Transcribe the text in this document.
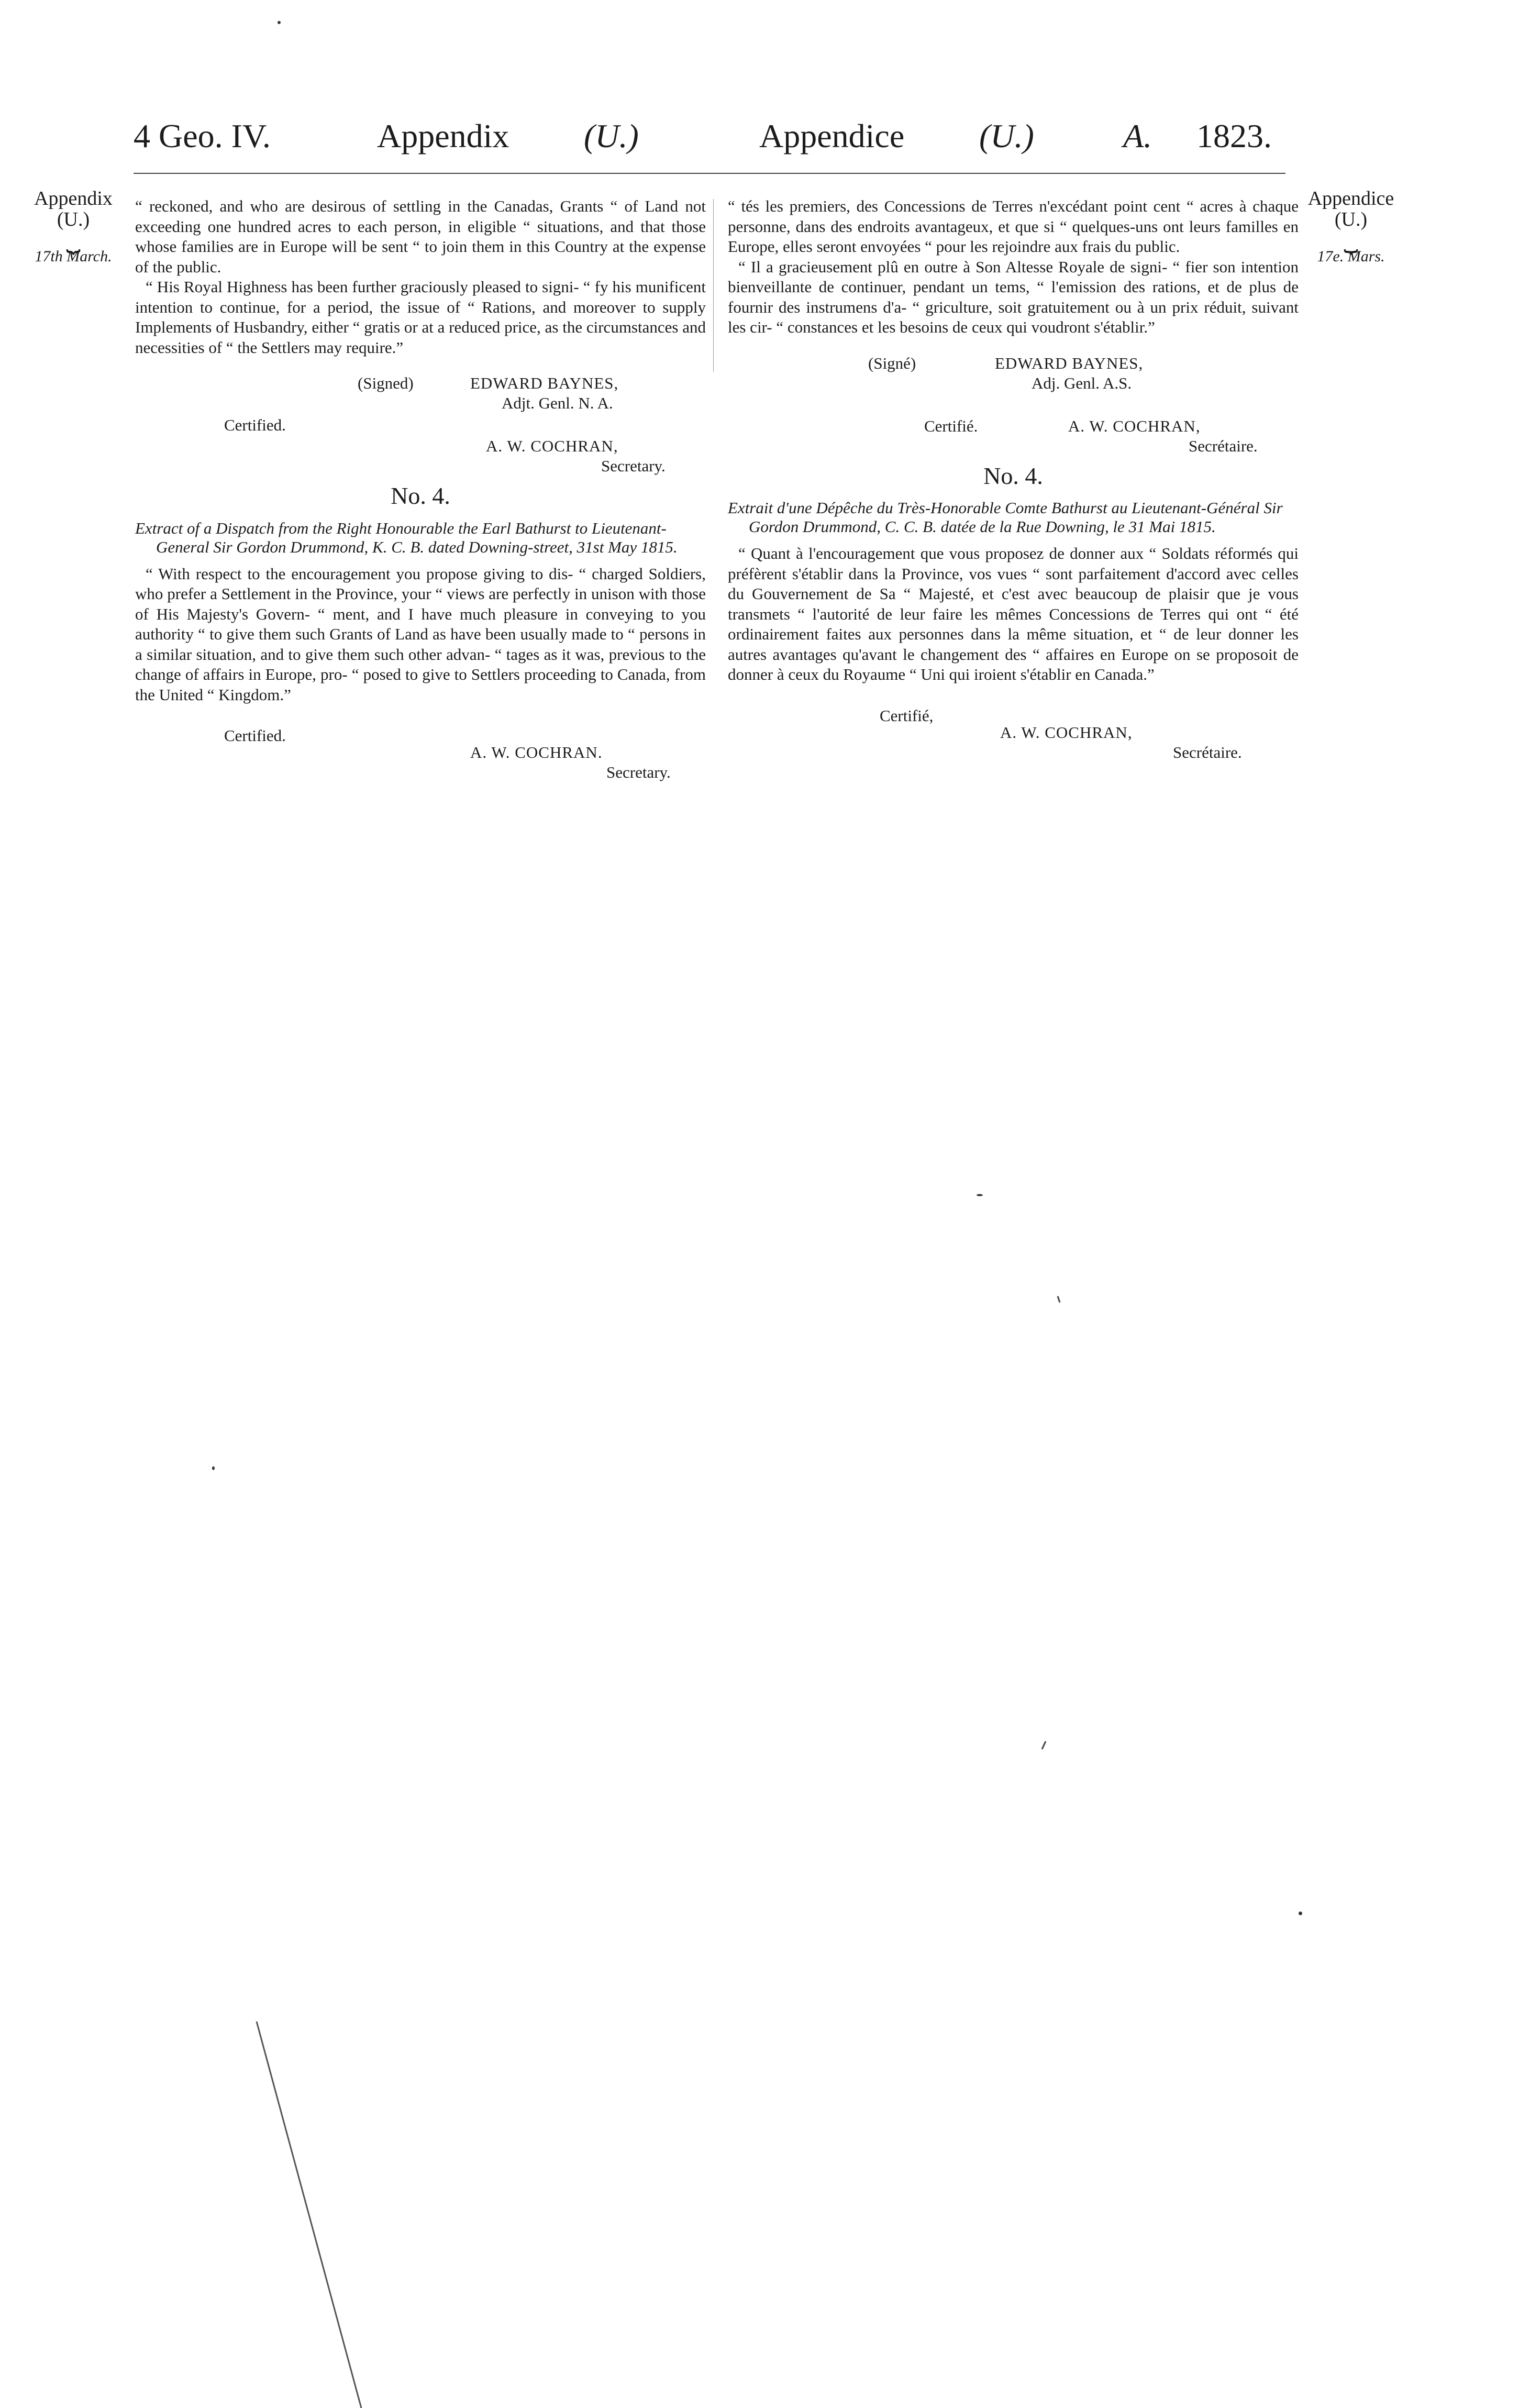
4 Geo. IV.	Appendix (U.)	Appendice (U.)	A. 1823.
Appendix
(U.)
⏟
17th March.
Appendice
(U.)
⏟
17e. Mars.

“ reckoned, and who are desirous of settling in the Canadas, Grants “ of Land not exceeding one hundred acres to each person, in eligible “ situations, and that those whose families are in Europe will be sent “ to join them in this Country at the expense of the public.

“ His Royal Highness has been further graciously pleased to signi- “ fy his munificent intention to continue, for a period, the issue of “ Rations, and moreover to supply Implements of Husbandry, either “ gratis or at a reduced price, as the circumstances and necessities of “ the Settlers may require.”

(Signed)	EDWARD BAYNES,
Adjt. Genl. N. A.
Certified.
A. W. COCHRAN,
Secretary.
No. 4.

Extract of a Dispatch from the Right Honourable the Earl Bathurst to Lieutenant-General Sir Gordon Drummond, K. C. B. dated Downing-street, 31st May 1815.

“ With respect to the encouragement you propose giving to dis- “ charged Soldiers, who prefer a Settlement in the Province, your “ views are perfectly in unison with those of His Majesty's Govern- “ ment, and I have much pleasure in conveying to you authority “ to give them such Grants of Land as have been usually made to “ persons in a similar situation, and to give them such other advan- “ tages as it was, previous to the change of affairs in Europe, pro- “ posed to give to Settlers proceeding to Canada, from the United “ Kingdom.”

Certified.
A. W. COCHRAN.
Secretary.

“ tés les premiers, des Concessions de Terres n'excédant point cent “ acres à chaque personne, dans des endroits avantageux, et que si “ quelques-uns ont leurs familles en Europe, elles seront envoyées “ pour les rejoindre aux frais du public.

“ Il a gracieusement plû en outre à Son Altesse Royale de signi- “ fier son intention bienveillante de continuer, pendant un tems, “ l'emission des rations, et de plus de fournir des instrumens d'a- “ griculture, soit gratuitement ou à un prix réduit, suivant les cir- “ constances et les besoins de ceux qui voudront s'établir.”

(Signé)	EDWARD BAYNES,
Adj. Genl. A.S.
Certifié.	A. W. COCHRAN,
Secrétaire.
No. 4.

Extrait d'une Dépêche du Très-Honorable Comte Bathurst au Lieutenant-Général Sir Gordon Drummond, C. C. B. datée de la Rue Downing, le 31 Mai 1815.

“ Quant à l'encouragement que vous proposez de donner aux “ Soldats réformés qui préfèrent s'établir dans la Province, vos vues “ sont parfaitement d'accord avec celles du Gouvernement de Sa “ Majesté, et c'est avec beaucoup de plaisir que je vous transmets “ l'autorité de leur faire les mêmes Concessions de Terres qui ont “ été ordinairement faites aux personnes dans la même situation, et “ de leur donner les autres avantages qu'avant le changement des “ affaires en Europe on se proposoit de donner à ceux du Royaume “ Uni qui iroient s'établir en Canada.”

Certifié,
A. W. COCHRAN,
Secrétaire.
